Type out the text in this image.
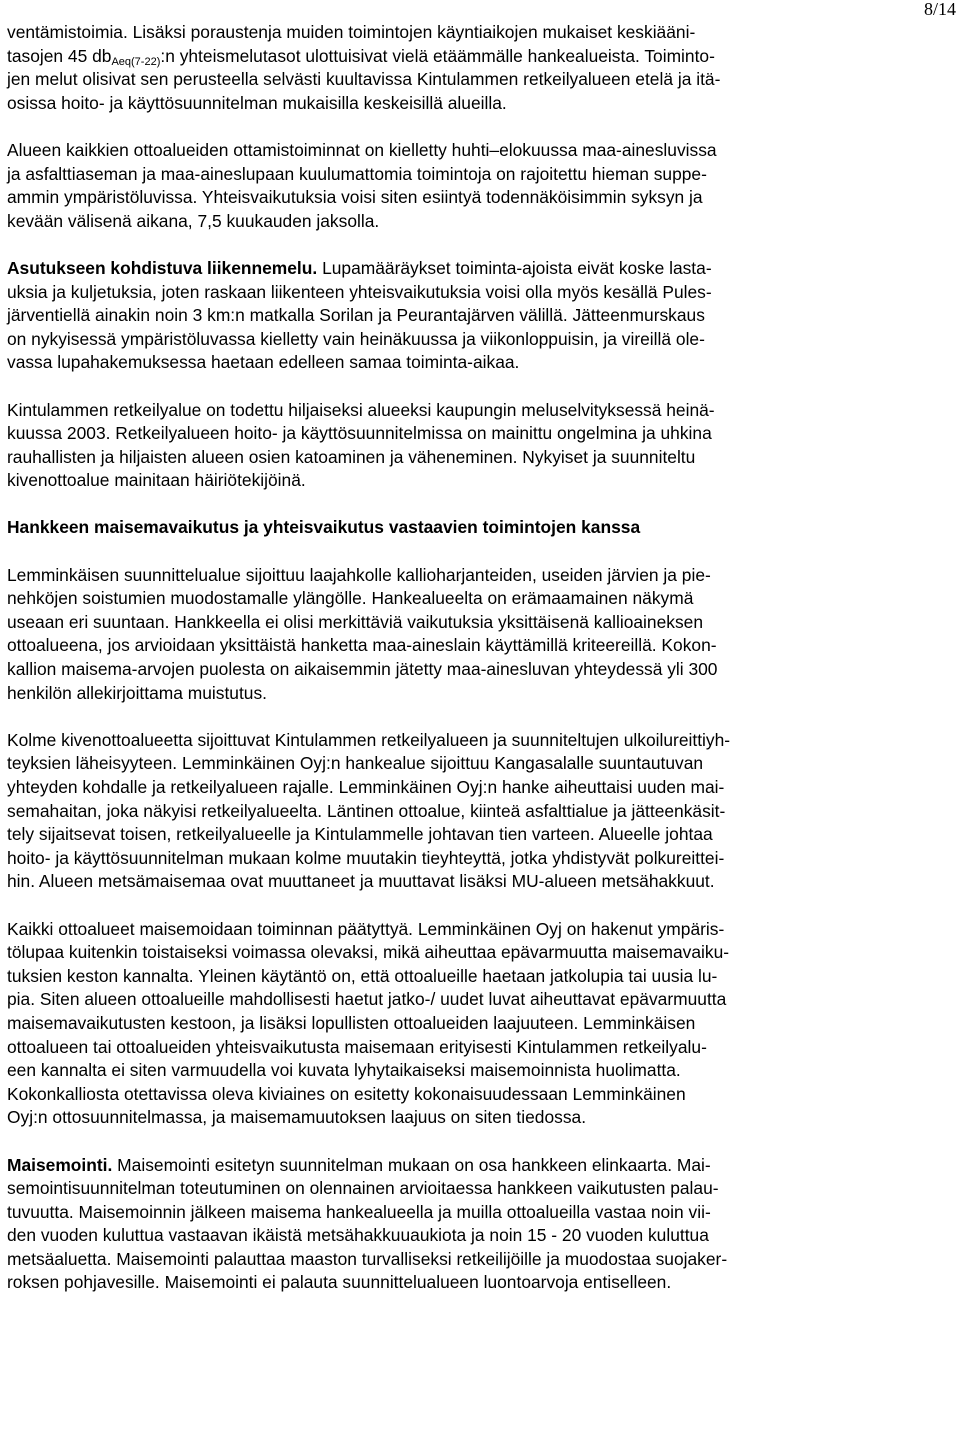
8/14

ventämistoimia. Lisäksi poraustenja muiden toimintojen käyntiaikojen mukaiset keskiääni-
tasojen 45 $db_{Aeq(7-22)}:n$ yhteismelutasot ulottuisivat vielä etäämmälle hankealueista. Toiminto-
jen melut olisivat sen perusteella selvästi kuultavissa Kintulammen retkeilyalueen etelä ja itä-
osissa hoito- ja käyttösuunnitelman mukaisilla keskeisillä alueilla.

Alueen kaikkien ottoalueiden ottamistoiminnat on kielletty huhti–elokuussa maa-ainesluvissa
ja asfalttiaseman ja maa-aineslupaan kuulumattomia toimintoja on rajoitettu hieman suppe-
ammin ympäristöluvissa. Yhteisvaikutuksia voisi siten esiintyä todennäköisimmin syksyn ja
kevään välisenä aikana, 7,5 kuukauden jaksolla.

Asutukseen kohdistuva liikennemelu. Lupamääräykset toiminta-ajoista eivät koske lasta-
uksia ja kuljetuksia, joten raskaan liikenteen yhteisvaikutuksia voisi olla myös kesällä Pules-
järventiellä ainakin noin 3 km:n matkalla Sorilan ja Peurantajärven välillä. Jätteenmurskaus
on nykyisessä ympäristöluvassa kielletty vain heinäkuussa ja viikonloppuisin, ja vireillä ole-
vassa lupahakemuksessa haetaan edelleen samaa toiminta-aikaa.

Kintulammen retkeilyalue on todettu hiljaiseksi alueeksi kaupungin meluselvityksessä heinä-
kuussa 2003. Retkeilyalueen hoito- ja käyttösuunnitelmissa on mainittu ongelmina ja uhkina
rauhallisten ja hiljaisten alueen osien katoaminen ja väheneminen. Nykyiset ja suunniteltu
kivenottoalue mainitaan häiriötekijöinä.

Hankkeen maisemavaikutus ja yhteisvaikutus vastaavien toimintojen kanssa

Lemminkäisen suunnittelualue sijoittuu laajahkolle kallioharjanteiden, useiden järvien ja pie-
nehköjen soistumien muodostamalle ylängölle. Hankealueelta on erämaamainen näkymä
useaan eri suuntaan. Hankkeella ei olisi merkittäviä vaikutuksia yksittäisenä kallioaineksen
ottoalueena, jos arvioidaan yksittäistä hanketta maa-aineslain käyttämillä kriteereillä. Kokon-
kallion maisema-arvojen puolesta on aikaisemmin jätetty maa-ainesluvan yhteydessä yli 300
henkilön allekirjoittama muistutus.

Kolme kivenottoalueetta sijoittuvat Kintulammen retkeilyalueen ja suunniteltujen ulkoilureittiyh-
teyksien läheisyyteen. Lemminkäinen Oyj:n hankealue sijoittuu Kangasalalle suuntautuvan
yhteyden kohdalle ja retkeilyalueen rajalle. Lemminkäinen Oyj:n hanke aiheuttaisi uuden mai-
semahaitan, joka näkyisi retkeilyalueelta. Läntinen ottoalue, kiinteä asfalttialue ja jätteenkäsit-
tely sijaitsevat toisen, retkeilyalueelle ja Kintulammelle johtavan tien varteen. Alueelle johtaa
hoito- ja käyttösuunnitelman mukaan kolme muutakin tieyhteyttä, jotka yhdistyvät polkureittei-
hin. Alueen metsämaisemaa ovat muuttaneet ja muuttavat lisäksi MU-alueen metsähakkuut.

Kaikki ottoalueet maisemoidaan toiminnan päätyttyä. Lemminkäinen Oyj on hakenut ympäris-
tölupaa kuitenkin toistaiseksi voimassa olevaksi, mikä aiheuttaa epävarmuutta maisemavaiku-
tuksien keston kannalta. Yleinen käytäntö on, että ottoalueille haetaan jatkolupia tai uusia lu-
pia. Siten alueen ottoalueille mahdollisesti haetut jatko-/ uudet luvat aiheuttavat epävarmuutta
maisemavaikutusten kestoon, ja lisäksi lopullisten ottoalueiden laajuuteen. Lemminkäisen
ottoalueen tai ottoalueiden yhteisvaikutusta maisemaan erityisesti Kintulammen retkeilyalu-
een kannalta ei siten varmuudella voi kuvata lyhytaikaiseksi maisemoinnista huolimatta.
Kokonkalliosta otettavissa oleva kiviaines on esitetty kokonaisuudessaan Lemminkäinen
Oyj:n ottosuunnitelmassa, ja maisemamuutoksen laajuus on siten tiedossa.

Maisemointi. Maisemointi esitetyn suunnitelman mukaan on osa hankkeen elinkaarta. Mai-
semointisuunnitelman toteutuminen on olennainen arvioitaessa hankkeen vaikutusten palau-
tuvuutta. Maisemoinnin jälkeen maisema hankealueella ja muilla ottoalueilla vastaa noin vii-
den vuoden kuluttua vastaavan ikäistä metsähakkuuaukiota ja noin 15 - 20 vuoden kuluttua
metsäaluetta. Maisemointi palauttaa maaston turvalliseksi retkeilijöille ja muodostaa suojaker-
roksen pohjavesille. Maisemointi ei palauta suunnittelualueen luontoarvoja entiselleen.
